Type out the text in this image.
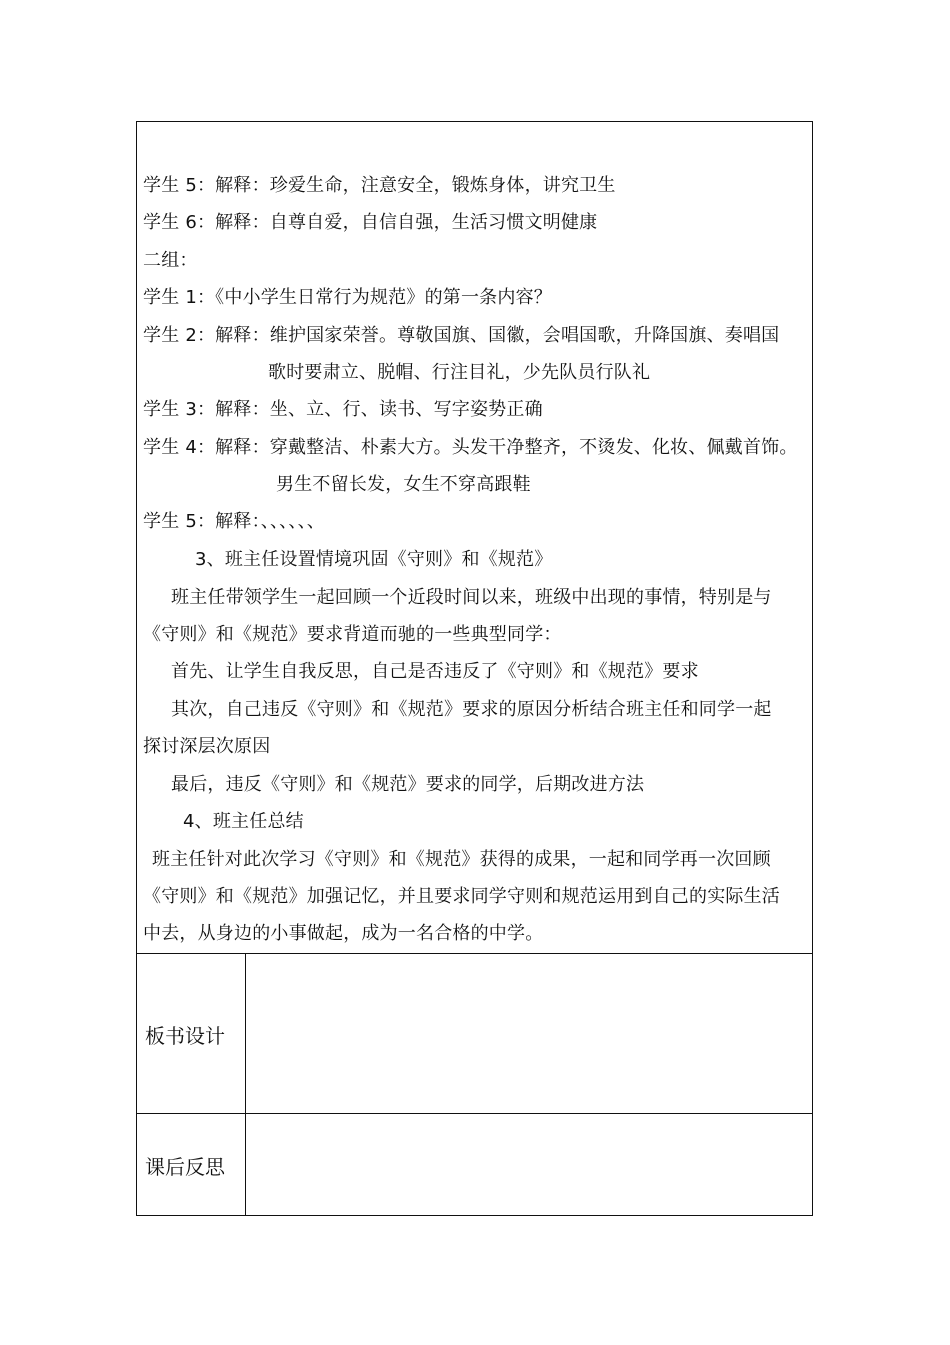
学生 5：解释：珍爱生命，注意安全，锻炼身体，讲究卫生
学生 6：解释：自尊自爱，自信自强，生活习惯文明健康
二组：
学生 1：《中小学生日常行为规范》的第一条内容？
学生 2：解释：维护国家荣誉。尊敬国旗、国徽，会唱国歌，升降国旗、奏唱国
歌时要肃立、脱帽、行注目礼，少先队员行队礼
学生 3：解释：坐、立、行、读书、写字姿势正确
学生 4：解释：穿戴整洁、朴素大方。头发干净整齐，不烫发、化妆、佩戴首饰。
男生不留长发，女生不穿高跟鞋
学生 5：解释：、、、、、、
3、班主任设置情境巩固《守则》和《规范》
班主任带领学生一起回顾一个近段时间以来，班级中出现的事情，特别是与
《守则》和《规范》要求背道而驰的一些典型同学：
首先、让学生自我反思，自己是否违反了《守则》和《规范》要求
其次，自己违反《守则》和《规范》要求的原因分析结合班主任和同学一起
探讨深层次原因
最后，违反《守则》和《规范》要求的同学，后期改进方法
4、班主任总结
班主任针对此次学习《守则》和《规范》获得的成果，一起和同学再一次回顾
《守则》和《规范》加强记忆，并且要求同学守则和规范运用到自己的实际生活
中去，从身边的小事做起，成为一名合格的中学。
板书设计
课后反思
